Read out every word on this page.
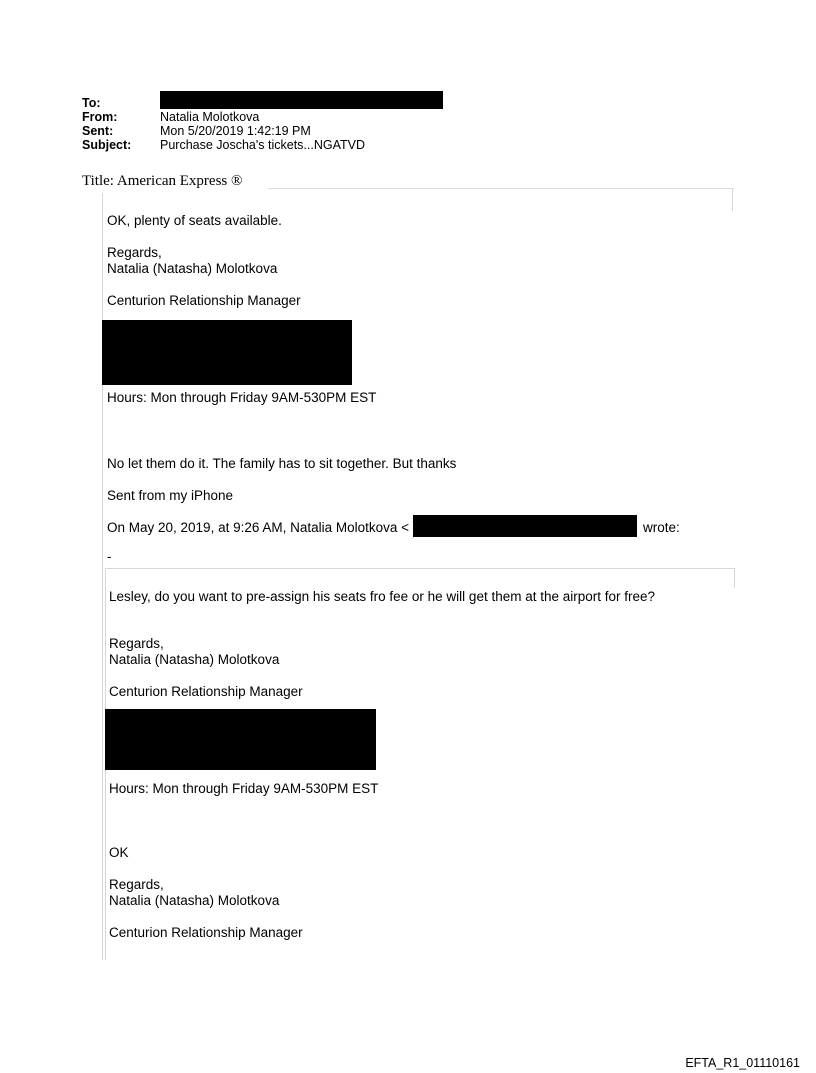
To:
From:	Natalia Molotkova
Sent:	Mon 5/20/2019 1:42:19 PM
Subject:	Purchase Joscha's tickets...NGATVD
Title: American Express ®
OK, plenty of seats available.
Regards,
Natalia (Natasha) Molotkova
Centurion Relationship Manager
Hours: Mon through Friday 9AM-530PM EST
No let them do it. The family has to sit together. But thanks
Sent from my iPhone
On May 20, 2019, at 9:26 AM, Natalia Molotkova <	wrote:
-
Lesley, do you want to pre-assign his seats fro fee or he will get them at the airport for free?
Regards,
Natalia (Natasha) Molotkova
Centurion Relationship Manager
Hours: Mon through Friday 9AM-530PM EST
OK
Regards,
Natalia (Natasha) Molotkova
Centurion Relationship Manager
EFTA_R1_01110161
